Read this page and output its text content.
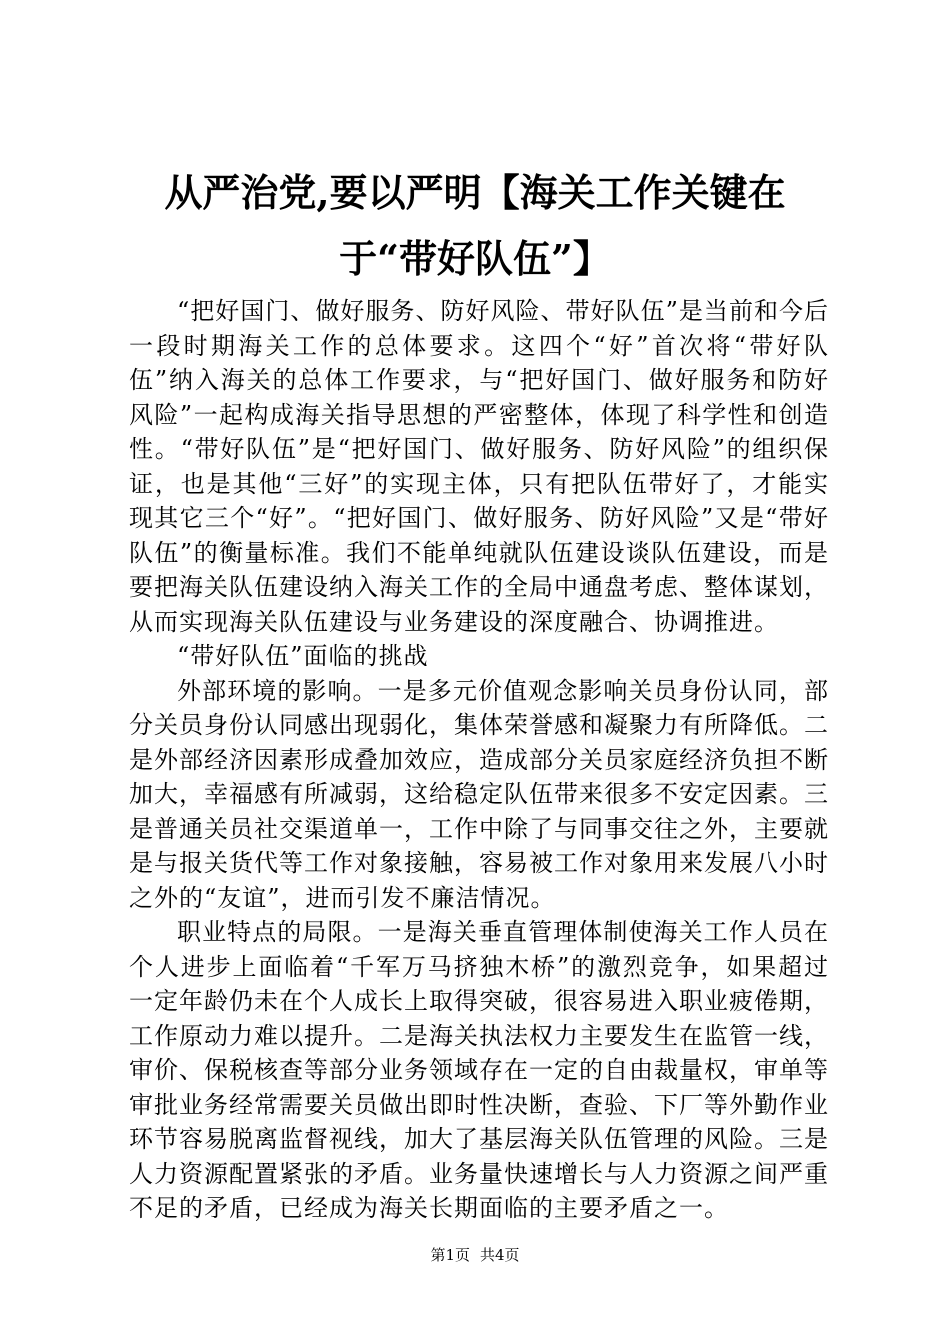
从严治党,要以严明【海关工作关键在于“带好队伍”】

“把好国门、做好服务、防好风险、带好队伍”是当前和今后一段时期海关工作的总体要求。这四个“好”首次将“带好队伍”纳入海关的总体工作要求，与“把好国门、做好服务和防好风险”一起构成海关指导思想的严密整体，体现了科学性和创造性。“带好队伍”是“把好国门、做好服务、防好风险”的组织保证，也是其他“三好”的实现主体，只有把队伍带好了，才能实现其它三个“好”。“把好国门、做好服务、防好风险”又是“带好队伍”的衡量标准。我们不能单纯就队伍建设谈队伍建设，而是要把海关队伍建设纳入海关工作的全局中通盘考虑、整体谋划，从而实现海关队伍建设与业务建设的深度融合、协调推进。

“带好队伍”面临的挑战

外部环境的影响。一是多元价值观念影响关员身份认同，部分关员身份认同感出现弱化，集体荣誉感和凝聚力有所降低。二是外部经济因素形成叠加效应，造成部分关员家庭经济负担不断加大，幸福感有所减弱，这给稳定队伍带来很多不安定因素。三是普通关员社交渠道单一，工作中除了与同事交往之外，主要就是与报关货代等工作对象接触，容易被工作对象用来发展八小时之外的“友谊”，进而引发不廉洁情况。

职业特点的局限。一是海关垂直管理体制使海关工作人员在个人进步上面临着“千军万马挤独木桥”的激烈竞争，如果超过一定年龄仍未在个人成长上取得突破，很容易进入职业疲倦期，工作原动力难以提升。二是海关执法权力主要发生在监管一线，审价、保税核查等部分业务领域存在一定的自由裁量权，审单等审批业务经常需要关员做出即时性决断，查验、下厂等外勤作业环节容易脱离监督视线，加大了基层海关队伍管理的风险。三是人力资源配置紧张的矛盾。业务量快速增长与人力资源之间严重不足的矛盾，已经成为海关长期面临的主要矛盾之一。

第1页 共4页
